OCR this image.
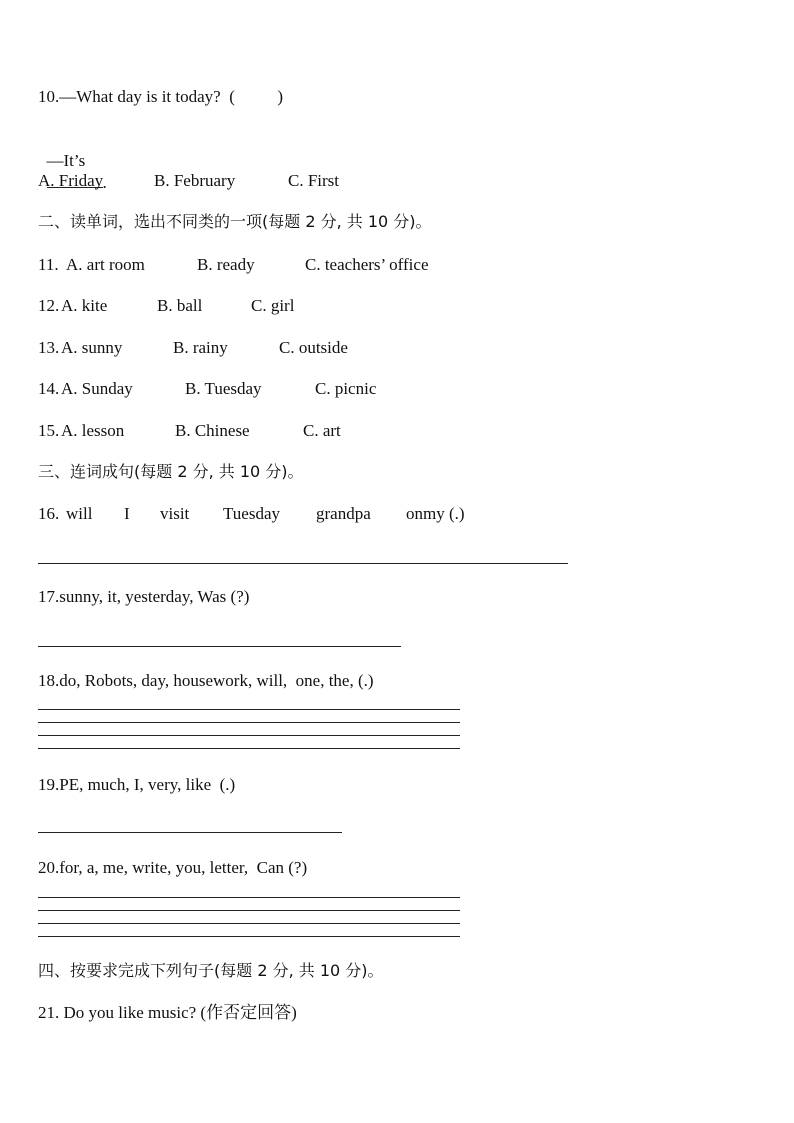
10.—What day is it today?  (          )

—It’s
.

A. Friday	B. February	C. First
二、读单词，选出不同类的一项(每题 2 分, 共 10 分)。
11. A. art room	B. ready	C. teachers’ office
12. A. kite	B. ball	C. girl
13. A. sunny	B. rainy	C. outside
14. A. Sunday	B. Tuesday	C. picnic
15. A. lesson	B. Chinese	C. art
三、连词成句(每题 2 分, 共 10 分)。
16. will I visit Tuesday grandpa onmy (.)
17.sunny, it, yesterday, Was (?)
18.do, Robots, day, housework, will,  one, the, (.)
19.PE, much, I, very, like  (.)
20.for, a, me, write, you, letter,  Can (?)
四、按要求完成下列句子(每题 2 分, 共 10 分)。
21. Do you like music? (作否定回答)
